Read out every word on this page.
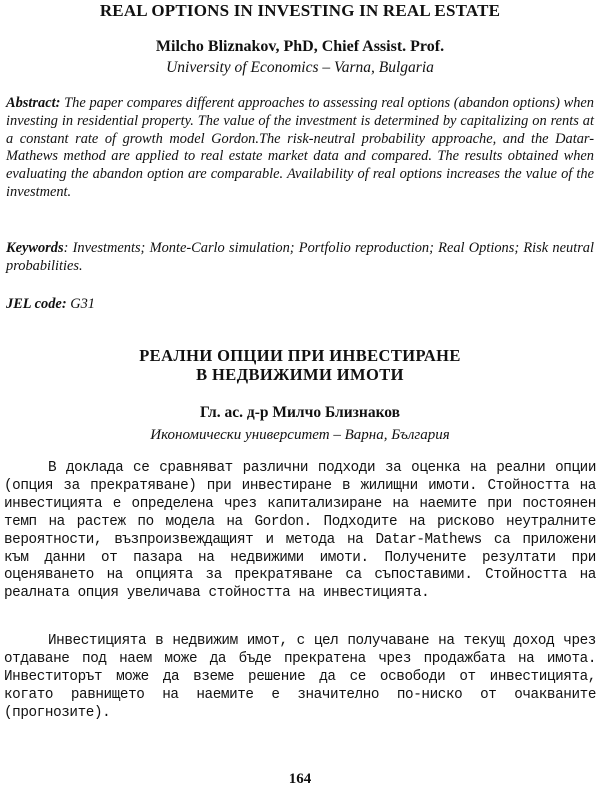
REAL OPTIONS IN INVESTING IN REAL ESTATE
Milcho Bliznakov, PhD, Chief Assist. Prof.
University of Economics – Varna, Bulgaria

Abstract: The paper compares different approaches to assessing real options (abandon options) when investing in residential property. The value of the investment is determined by capitalizing on rents at a constant rate of growth model Gordon.The risk-neutral probability approache, and the Datar-Mathews method are applied to real estate market data and compared. The results obtained when evaluating the abandon option are comparable. Availability of real options increases the value of the investment.

Keywords: Investments; Monte-Carlo simulation; Portfolio reproduction; Real Options; Risk neutral probabilities.

JEL code: G31

РЕАЛНИ ОПЦИИ ПРИ ИНВЕСТИРАНЕ
В НЕДВИЖИМИ ИМОТИ
Гл. ас. д-р Милчо Близнаков
Икономически университет – Варна, България

В доклада се сравняват различни подходи за оценка на реални опции (опция за прекратяване) при инвестиране в жилищни имоти. Стойността на инвестицията е определена чрез капитализиране на наемите при постоянен темп на растеж по модела на Gordon. Подходите на рисково неутралните вероятности, възпроизвеждащият и метода на Datar-Mathews са приложени към данни от пазара на недвижими имоти. Получените резултати при оценяването на опцията за прекратяване са съпоставими. Стойността на реалната опция увеличава стойността на инвестицията.

Инвестицията в недвижим имот, с цел получаване на текущ доход чрез отдаване под наем може да бъде прекратена чрез продажбата на имота. Инвеститорът може да вземе решение да се освободи от инвестицията, когато равнището на наемите е значително по-ниско от очакваните (прогнозите).

164
